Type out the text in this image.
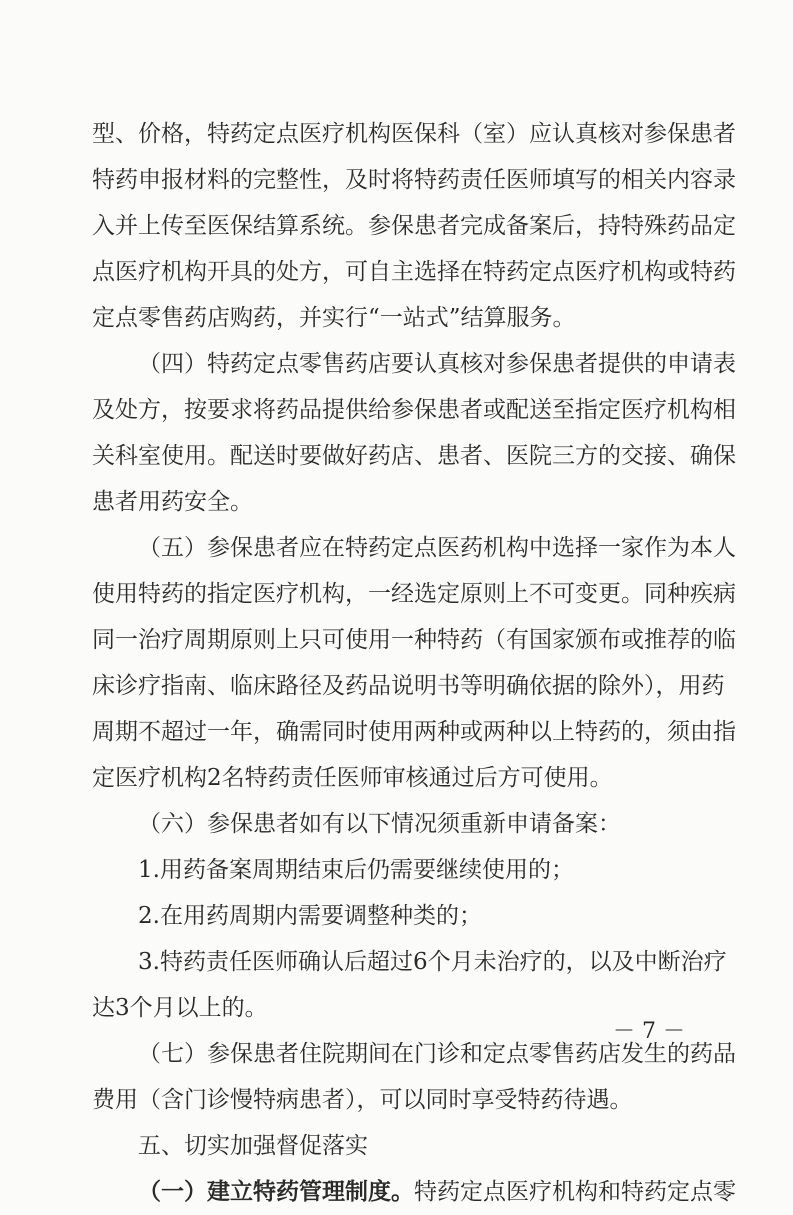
型、价格，特药定点医疗机构医保科（室）应认真核对参保患者
特药申报材料的完整性，及时将特药责任医师填写的相关内容录
入并上传至医保结算系统。参保患者完成备案后，持特殊药品定
点医疗机构开具的处方，可自主选择在特药定点医疗机构或特药
定点零售药店购药，并实行“一站式”结算服务。
（四）特药定点零售药店要认真核对参保患者提供的申请表
及处方，按要求将药品提供给参保患者或配送至指定医疗机构相
关科室使用。配送时要做好药店、患者、医院三方的交接、确保
患者用药安全。
（五）参保患者应在特药定点医药机构中选择一家作为本人
使用特药的指定医疗机构，一经选定原则上不可变更。同种疾病
同一治疗周期原则上只可使用一种特药（有国家颁布或推荐的临
床诊疗指南、临床路径及药品说明书等明确依据的除外），用药
周期不超过一年，确需同时使用两种或两种以上特药的，须由指
定医疗机构2名特药责任医师审核通过后方可使用。
（六）参保患者如有以下情况须重新申请备案：
1.用药备案周期结束后仍需要继续使用的；
2.在用药周期内需要调整种类的；
3.特药责任医师确认后超过6个月未治疗的，以及中断治疗
达3个月以上的。
（七）参保患者住院期间在门诊和定点零售药店发生的药品
费用（含门诊慢特病患者），可以同时享受特药待遇。
五、切实加强督促落实
（一）建立特药管理制度。特药定点医疗机构和特药定点零
－ 7 －
